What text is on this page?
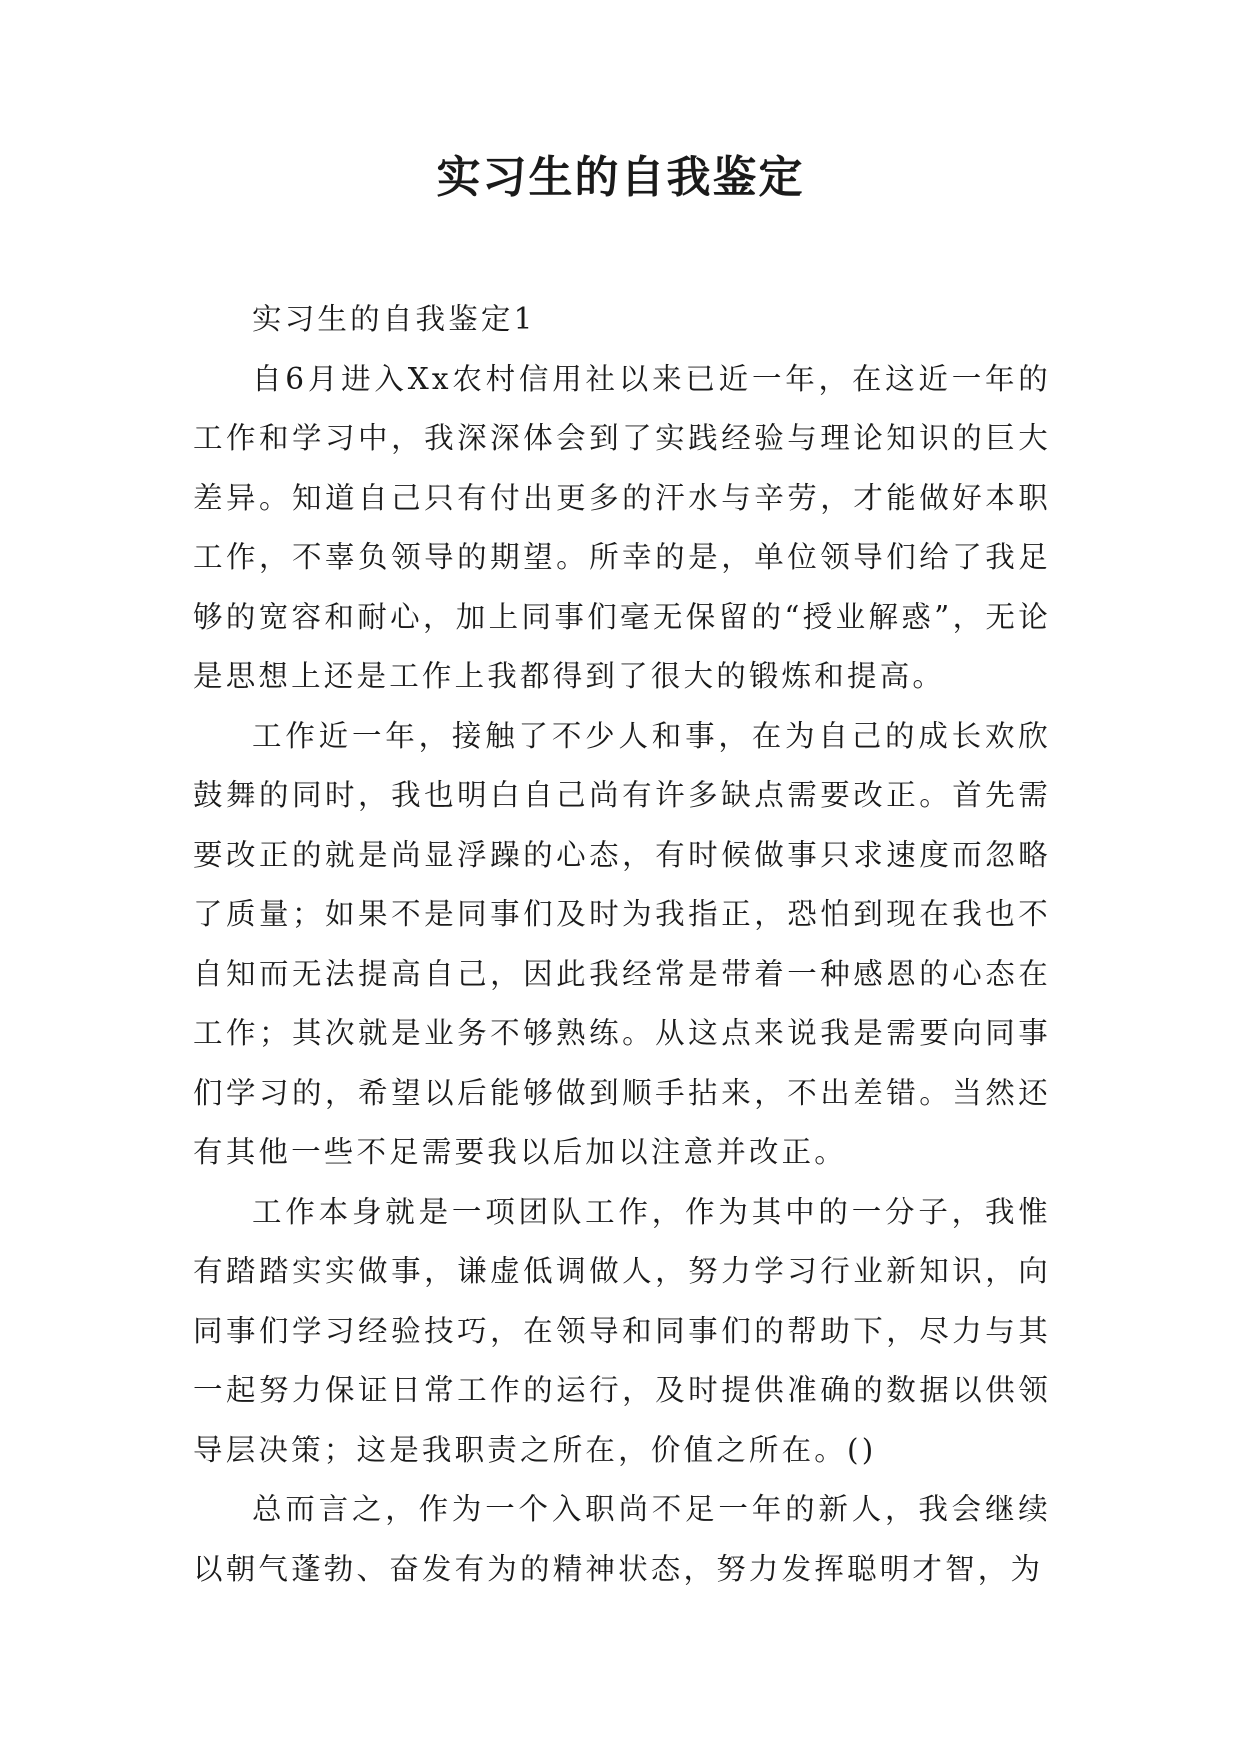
实习生的自我鉴定

实习生的自我鉴定1

自6月进入Xx农村信用社以来已近一年，在这近一年的工作和学习中，我深深体会到了实践经验与理论知识的巨大差异。知道自己只有付出更多的汗水与辛劳，才能做好本职工作，不辜负领导的期望。所幸的是，单位领导们给了我足够的宽容和耐心，加上同事们毫无保留的“授业解惑”，无论是思想上还是工作上我都得到了很大的锻炼和提高。

工作近一年，接触了不少人和事，在为自己的成长欢欣鼓舞的同时，我也明白自己尚有许多缺点需要改正。首先需要改正的就是尚显浮躁的心态，有时候做事只求速度而忽略了质量；如果不是同事们及时为我指正，恐怕到现在我也不自知而无法提高自己，因此我经常是带着一种感恩的心态在工作；其次就是业务不够熟练。从这点来说我是需要向同事们学习的，希望以后能够做到顺手拈来，不出差错。当然还有其他一些不足需要我以后加以注意并改正。

工作本身就是一项团队工作，作为其中的一分子，我惟有踏踏实实做事，谦虚低调做人，努力学习行业新知识，向同事们学习经验技巧，在领导和同事们的帮助下，尽力与其一起努力保证日常工作的运行，及时提供准确的数据以供领导层决策；这是我职责之所在，价值之所在。()

总而言之，作为一个入职尚不足一年的新人，我会继续以朝气蓬勃、奋发有为的精神状态，努力发挥聪明才智，为
